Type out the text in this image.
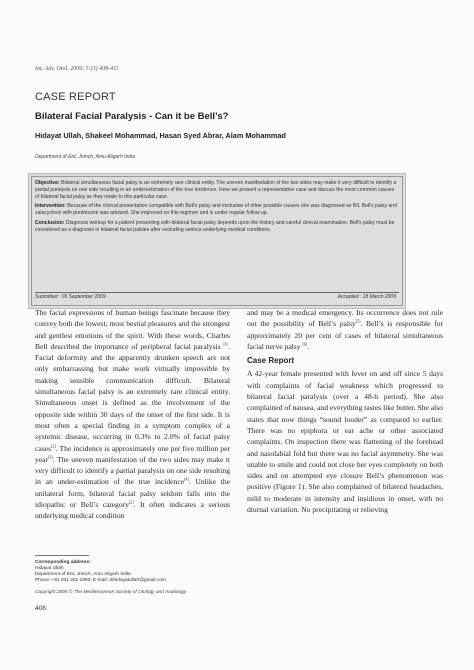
Int. Adv. Otol. 2009; 5:(3) 408-411
CASE REPORT
Bilateral Facial Paralysis - Can it be Bell’s?
Hidayat Ullah, Shakeel Mohammad, Hasan Syed Abrar, Alam Mohammad
Department of Ent, Jnmch, Amu Aligarh India

Objective: Bilateral simultaneous facial palsy is an extremely rare clinical entity. The uneven manifestation of the two sides may make it very difficult to identify a partial paralysis on one side resulting in an underestimation of the true incidence. Here we present a representative case and discuss the most common causes of bilateral facial palsy as they relate to this particular case.

Intervention: Because of the clinical presentation compatible with Bell's palsy and exclusion of other possible causes she was diagnosed as B/L Bell's palsy and valacyclovir with prednisone was advised. She improved on this regimen and is under regular follow up.

Conclusion: Diagnosis workup for a patient presenting with bilateral facial palsy depends upon the history and careful clinical examination. Bell's palsy must be considered as a diagnosis in bilateral facial palsies after excluding serious underlying medical conditions.

Submitted : 06 September 2009	Accepted : 18 March 2009

The facial expressions of human beings fascinate because they convey both the lowest, most bestial pleasures and the strongest and gentlest emotions of the spirit. With these words, Charles Bell described the importance of peripheral facial paralysis [1]. Facial deformity and the apparently drunken speech are not only embarrassing but make work virtually impossible by making sensible communication difficult. Bilateral simultaneous facial palsy is an extremely rare clinical entity. Simultaneous onset is defined as the involvement of the opposite side within 30 days of the onset of the first side. It is most often a special finding in a symptom complex of a systemic disease, occurring in 0.3% to 2.0% of facial palsy cases[2]. The incidence is approximately one per five million per year[3]. The uneven manifestation of the two sides may make it very difficult to identify a partial paralysis on one side resulting in an under-estimation of the true incidence[4]. Unlike the unilateral form, bilateral facial palsy seldom falls into the idiopathic or Bell’s category[2]. It often indicates a serious underlying medical condition

and may be a medical emergency. Its occurrence does not rule out the possibility of Bell’s palsy[5]. Bell’s is responsible for approximately 20 per cent of cases of bilateral simultaneous facial nerve palsy [6].

Case Report

A 42-year female presented with fever on and off since 5 days with complaints of facial weakness which progressed to bilateral facial paralysis (over a 48-h period). She also complained of nausea, and everything tastes like butter. She also states that now things “sound louder” as compared to earlier. There was no epiphora or ear ache or other associated complaints. On inspection there was flattening of the forehead and nasolabial fold but there was no facial asymmetry. She was unable to smile and could not close her eyes completely on both sides and on attempted eye closure Bell’s phenomenon was positive (Figure 1). She also complained of bilateral headaches, mild to moderate in intensity and insidious in onset, with no diurnal variation. No precipitating or relieving

Corresponding address:
Hidayat Ullah
Department of Ent, Jnmch, Amu Aligarh India
Phone: +91 941 201 1993; E-mail: drhidayatullah@gmail.com
Copyright 2005 © The Mediterranean Society of Otology and Audiology
408
